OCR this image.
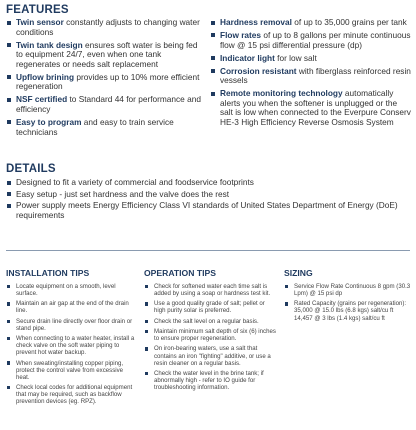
FEATURES
Twin sensor constantly adjusts to changing water conditions
Twin tank design ensures soft water is being fed to equipment 24/7, even when one tank regenerates or needs salt replacement
Upflow brining provides up to 10% more efficient regeneration
NSF certified to Standard 44 for performance and efficiency
Easy to program and easy to train service technicians
Hardness removal of up to 35,000 grains per tank
Flow rates of up to 8 gallons per minute continuous flow @ 15 psi differential pressure (dp)
Indicator light for low salt
Corrosion resistant with fiberglass reinforced resin vessels
Remote monitoring technology automatically alerts you when the softener is unplugged or the salt is low when connected to the Everpure Conserv HE-3 High Efficiency Reverse Osmosis System
DETAILS
Designed to fit a variety of commercial and foodservice footprints
Easy setup - just set hardness and the valve does the rest
Power supply meets Energy Efficiency Class VI standards of United States Department of Energy (DoE) requirements
INSTALLATION TIPS	OPERATION TIPS	SIZING
Locate equipment on a smooth, level surface.
Maintain an air gap at the end of the drain line.
Secure drain line directly over floor drain or stand pipe.
When connecting to a water heater, install a check valve on the soft water piping to prevent hot water backup.
When sweating/installing copper piping, protect the control valve from excessive heat.
Check local codes for additional equipment that may be required, such as backflow prevention devices (eg. RPZ).
Check for softened water each time salt is added by using a soap or hardness test kit.
Use a good quality grade of salt; pellet or high purity solar is preferred.
Check the salt level on a regular basis.
Maintain minimum salt depth of six (6) inches to ensure proper regeneration.
On iron-bearing waters, use a salt that contains an iron "fighting" additive, or use a resin cleaner on a regular basis.
Check the water level in the brine tank; if abnormally high - refer to IO guide for troubleshooting information.
Service Flow Rate Continuous 8 gpm (30.3 Lpm) @ 15 psi dp
Rated Capacity (grains per regeneration): 35,000 @ 15.0 lbs (6.8 kgs) salt/cu ft 14,457 @ 3 lbs (1.4 kgs) salt/cu ft
